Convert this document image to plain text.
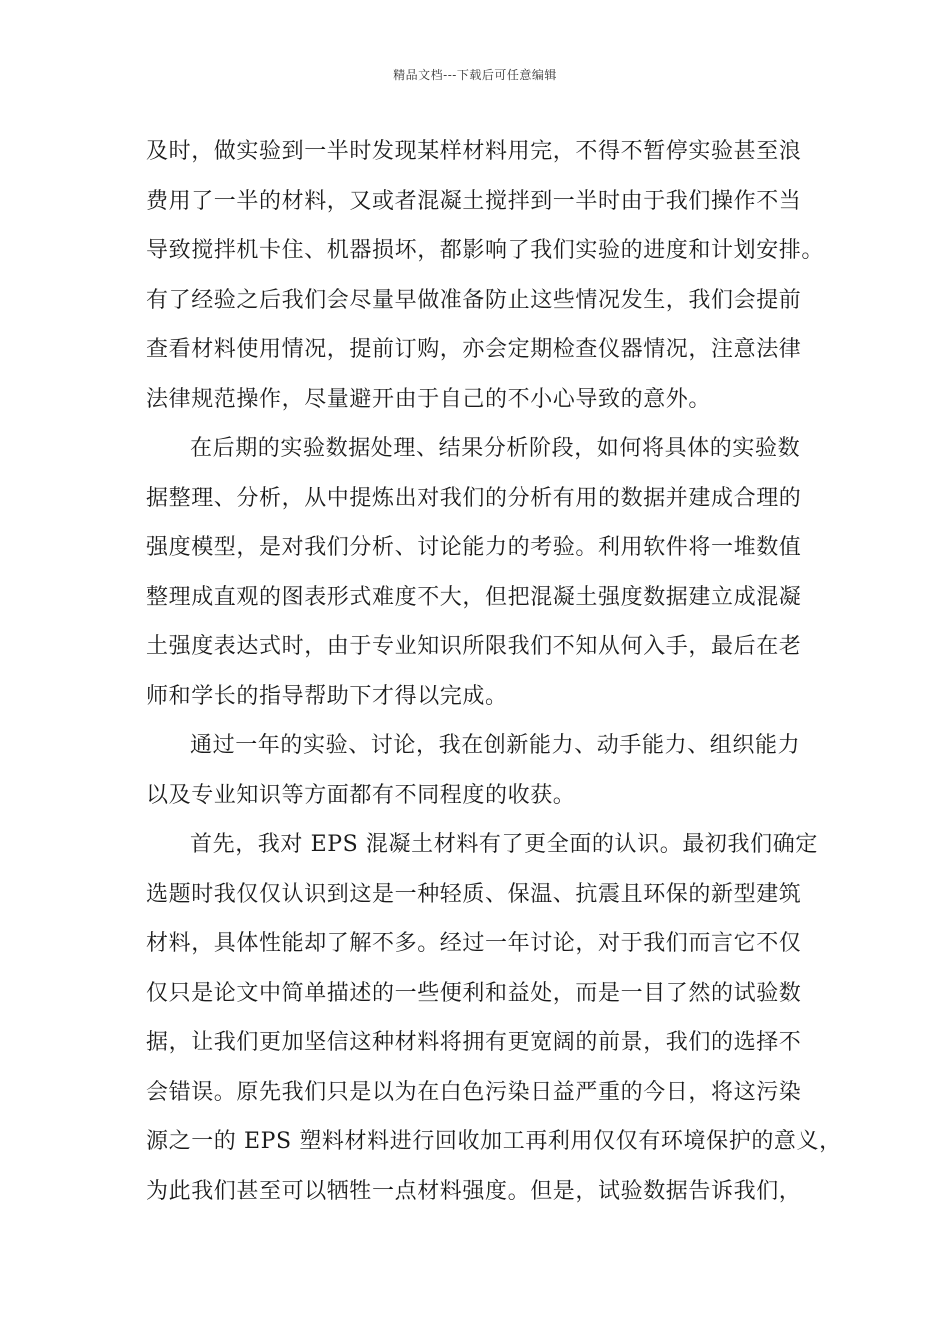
精品文档---下载后可任意编辑
及时，做实验到一半时发现某样材料用完，不得不暂停实验甚至浪
费用了一半的材料，又或者混凝土搅拌到一半时由于我们操作不当
导致搅拌机卡住、机器损坏，都影响了我们实验的进度和计划安排。
有了经验之后我们会尽量早做准备防止这些情况发生，我们会提前
查看材料使用情况，提前订购，亦会定期检查仪器情况，注意法律
法律规范操作，尽量避开由于自己的不小心导致的意外。
在后期的实验数据处理、结果分析阶段，如何将具体的实验数
据整理、分析，从中提炼出对我们的分析有用的数据并建成合理的
强度模型，是对我们分析、讨论能力的考验。利用软件将一堆数值
整理成直观的图表形式难度不大，但把混凝土强度数据建立成混凝
土强度表达式时，由于专业知识所限我们不知从何入手，最后在老
师和学长的指导帮助下才得以完成。
通过一年的实验、讨论，我在创新能力、动手能力、组织能力
以及专业知识等方面都有不同程度的收获。
首先，我对 EPS 混凝土材料有了更全面的认识。最初我们确定
选题时我仅仅认识到这是一种轻质、保温、抗震且环保的新型建筑
材料，具体性能却了解不多。经过一年讨论，对于我们而言它不仅
仅只是论文中简单描述的一些便利和益处，而是一目了然的试验数
据，让我们更加坚信这种材料将拥有更宽阔的前景，我们的选择不
会错误。原先我们只是以为在白色污染日益严重的今日，将这污染
源之一的 EPS 塑料材料进行回收加工再利用仅仅有环境保护的意义，
为此我们甚至可以牺牲一点材料强度。但是，试验数据告诉我们，
